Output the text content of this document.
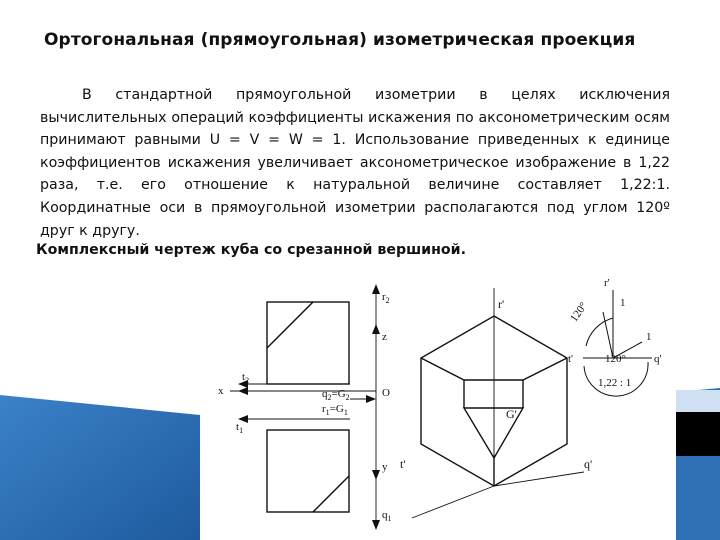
Ортогональная (прямоугольная) изометрическая проекция
В стандартной прямоугольной изометрии в целях исключения вычислительных операций коэффициенты искажения по аксонометрическим осям принимают равными U = V = W = 1. Использование приведенных к единице коэффициентов искажения увеличивает аксонометрическое изображение в 1,22 раза, т.е. его отношение к натуральной величине составляет 1,22:1. Координатные оси в прямоугольной изометрии располагаются под углом 120º друг к другу.
Комплексный чертеж куба со срезанной вершиной.
$r_2$
z
x
$t_2$
$q_2=G_2$	O
$r_1=G_1$
$t_1$
y
$q_1$
r'
G'
t'	q'
r'
120°	1
1
t'	120°	q'
1,22 : 1
